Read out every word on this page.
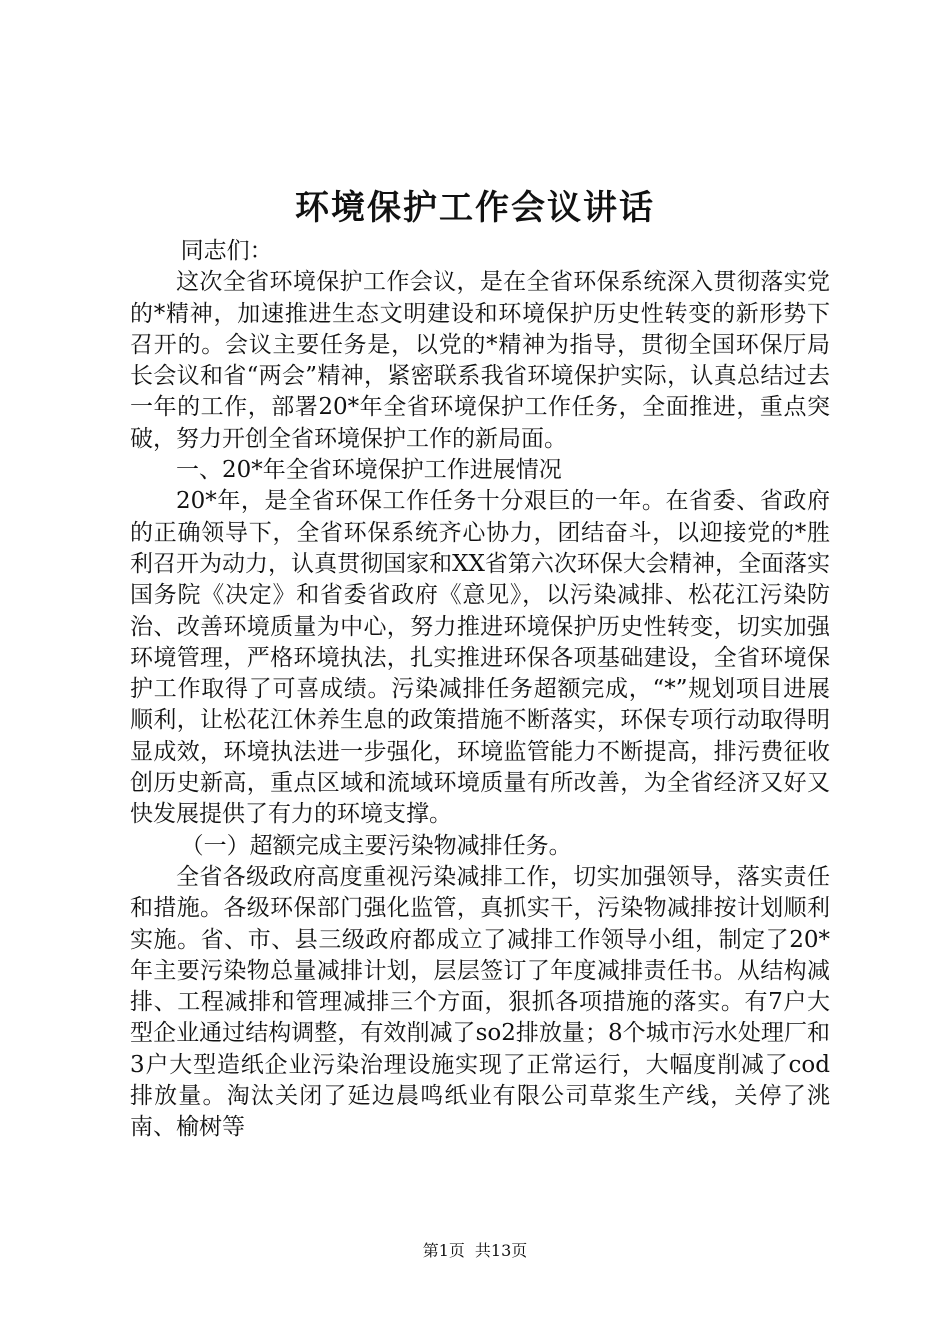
环境保护工作会议讲话

同志们：

这次全省环境保护工作会议，是在全省环保系统深入贯彻落实党的*精神，加速推进生态文明建设和环境保护历史性转变的新形势下召开的。会议主要任务是，以党的*精神为指导，贯彻全国环保厅局长会议和省“两会”精神，紧密联系我省环境保护实际，认真总结过去一年的工作，部署20*年全省环境保护工作任务，全面推进，重点突破，努力开创全省环境保护工作的新局面。

一、20*年全省环境保护工作进展情况

20*年，是全省环保工作任务十分艰巨的一年。在省委、省政府的正确领导下，全省环保系统齐心协力，团结奋斗，以迎接党的*胜利召开为动力，认真贯彻国家和XX省第六次环保大会精神，全面落实国务院《决定》和省委省政府《意见》，以污染减排、松花江污染防治、改善环境质量为中心，努力推进环境保护历史性转变，切实加强环境管理，严格环境执法，扎实推进环保各项基础建设，全省环境保护工作取得了可喜成绩。污染减排任务超额完成，“*”规划项目进展顺利，让松花江休养生息的政策措施不断落实，环保专项行动取得明显成效，环境执法进一步强化，环境监管能力不断提高，排污费征收创历史新高，重点区域和流域环境质量有所改善，为全省经济又好又快发展提供了有力的环境支撑。

（一）超额完成主要污染物减排任务。

全省各级政府高度重视污染减排工作，切实加强领导，落实责任和措施。各级环保部门强化监管，真抓实干，污染物减排按计划顺利实施。省、市、县三级政府都成立了减排工作领导小组，制定了20*年主要污染物总量减排计划，层层签订了年度减排责任书。从结构减排、工程减排和管理减排三个方面，狠抓各项措施的落实。有7户大型企业通过结构调整，有效削减了so2排放量；8个城市污水处理厂和3户大型造纸企业污染治理设施实现了正常运行，大幅度削减了cod排放量。淘汰关闭了延边晨鸣纸业有限公司草浆生产线，关停了洮南、榆树等

第1页 共13页
